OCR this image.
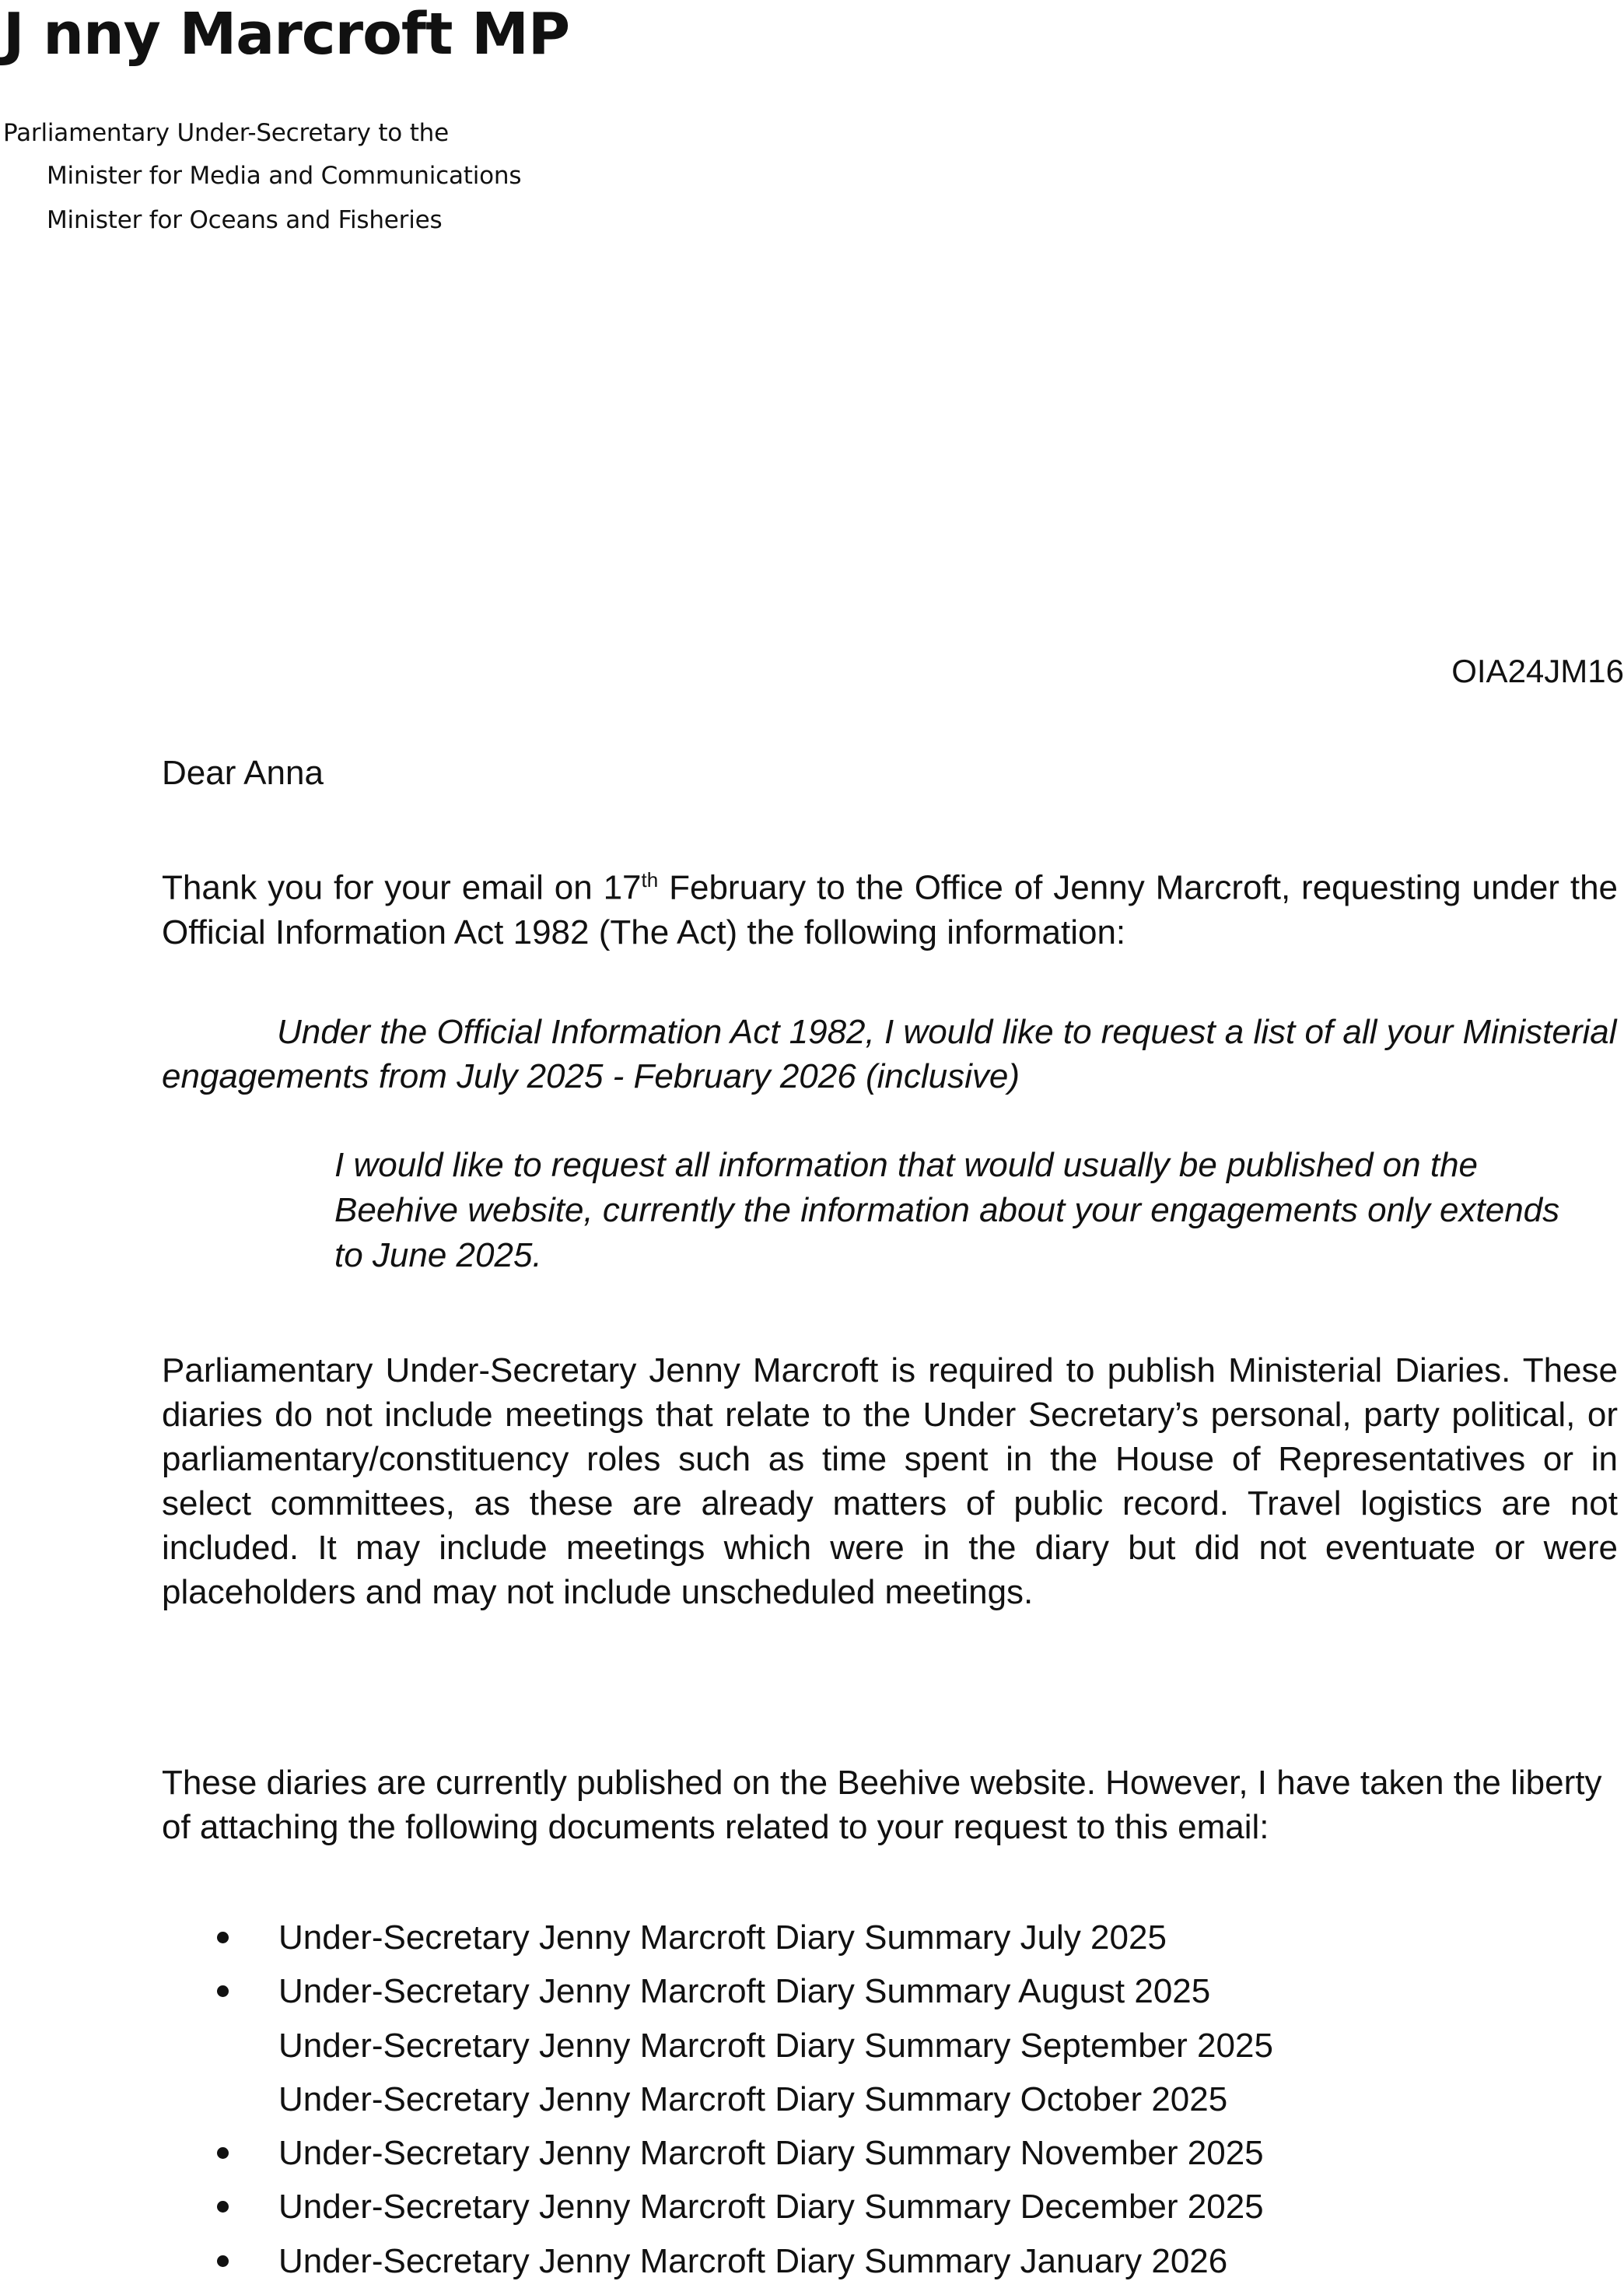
J nny Marcroft MP
Parliamentary Under-Secretary to the
Minister for Media and Communications
Minister for Oceans and Fisheries
OIA24JM16
Dear Anna
Thank you for your email on 17th February to the Office of Jenny Marcroft, requesting under the Official Information Act 1982 (The Act) the following information:
Under the Official Information Act 1982, I would like to request a list of all your Ministerial engagements from July 2025 - February 2026 (inclusive)
I would like to request all information that would usually be published on the Beehive website, currently the information about your engagements only extends to June 2025.
Parliamentary Under-Secretary Jenny Marcroft is required to publish Ministerial Diaries. These diaries do not include meetings that relate to the Under Secretary’s personal, party political, or parliamentary/constituency roles such as time spent in the House of Representatives or in select committees, as these are already matters of public record. Travel logistics are not included. It may include meetings which were in the diary but did not eventuate or were placeholders and may not include unscheduled meetings.
These diaries are currently published on the Beehive website. However, I have taken the liberty of attaching the following documents related to your request to this email:
Under-Secretary Jenny Marcroft Diary Summary July 2025
Under-Secretary Jenny Marcroft Diary Summary August 2025
Under-Secretary Jenny Marcroft Diary Summary September 2025
Under-Secretary Jenny Marcroft Diary Summary October 2025
Under-Secretary Jenny Marcroft Diary Summary November 2025
Under-Secretary Jenny Marcroft Diary Summary December 2025
Under-Secretary Jenny Marcroft Diary Summary January 2026
